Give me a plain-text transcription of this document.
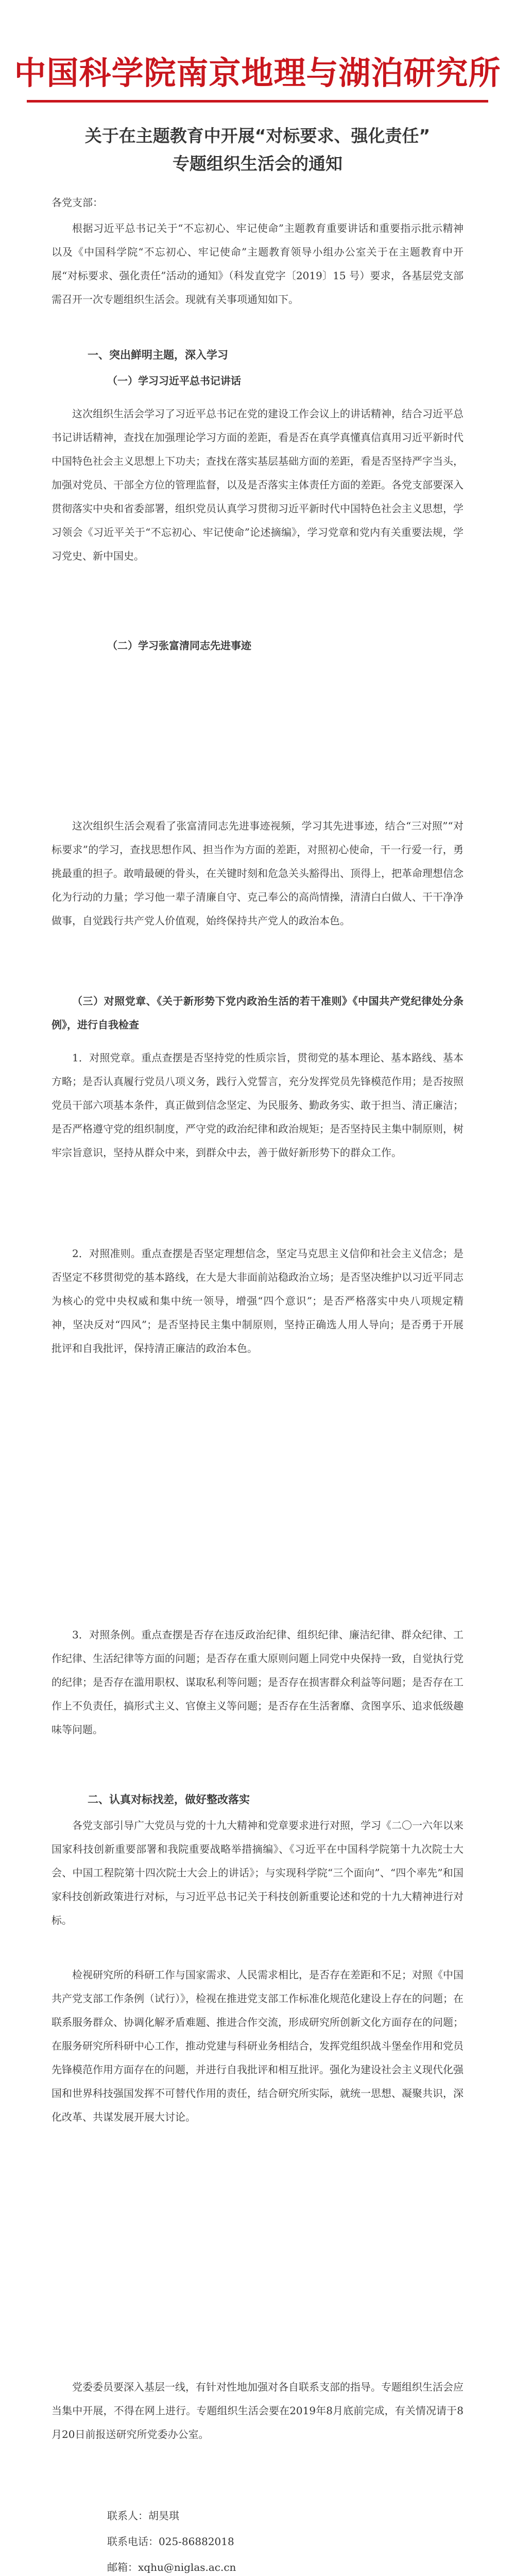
中国科学院南京地理与湖泊研究所
关于在主题教育中开展“对标要求、强化责任”
专题组织生活会的通知
各党支部：
根据习近平总书记关于“不忘初心、牢记使命”主题教育重要讲话和重要指示批示精神以及《中国科学院“不忘初心、牢记使命”主题教育领导小组办公室关于在主题教育中开展“对标要求、强化责任”活动的通知》（科发直党字〔2019〕15 号）要求，各基层党支部需召开一次专题组织生活会。现就有关事项通知如下。
一、突出鲜明主题，深入学习
（一）学习习近平总书记讲话
这次组织生活会学习了习近平总书记在党的建设工作会议上的讲话精神，结合习近平总书记讲话精神，查找在加强理论学习方面的差距，看是否在真学真懂真信真用习近平新时代中国特色社会主义思想上下功夫；查找在落实基层基础方面的差距，看是否坚持严字当头，加强对党员、干部全方位的管理监督，以及是否落实主体责任方面的差距。各党支部要深入贯彻落实中央和省委部署，组织党员认真学习贯彻习近平新时代中国特色社会主义思想，学习领会《习近平关于“不忘初心、牢记使命”论述摘编》，学习党章和党内有关重要法规，学习党史、新中国史。
（二）学习张富清同志先进事迹
这次组织生活会观看了张富清同志先进事迹视频，学习其先进事迹，结合“三对照”“对标要求”的学习，查找思想作风、担当作为方面的差距，对照初心使命，干一行爱一行，勇挑最重的担子。敢啃最硬的骨头，在关键时刻和危急关头豁得出、顶得上，把革命理想信念化为行动的力量；学习他一辈子清廉自守、克己奉公的高尚情操，清清白白做人、干干净净做事，自觉践行共产党人价值观，始终保持共产党人的政治本色。
（三）对照党章、《关于新形势下党内政治生活的若干准则》《中国共产党纪律处分条例》，进行自我检查
1．对照党章。重点查摆是否坚持党的性质宗旨，贯彻党的基本理论、基本路线、基本方略；是否认真履行党员八项义务，践行入党誓言，充分发挥党员先锋模范作用；是否按照党员干部六项基本条件，真正做到信念坚定、为民服务、勤政务实、敢于担当、清正廉洁；是否严格遵守党的组织制度，严守党的政治纪律和政治规矩；是否坚持民主集中制原则，树牢宗旨意识，坚持从群众中来，到群众中去，善于做好新形势下的群众工作。
2．对照准则。重点查摆是否坚定理想信念，坚定马克思主义信仰和社会主义信念；是否坚定不移贯彻党的基本路线，在大是大非面前站稳政治立场；是否坚决维护以习近平同志为核心的党中央权威和集中统一领导，增强“四个意识”；是否严格落实中央八项规定精神，坚决反对“四风”；是否坚持民主集中制原则，坚持正确选人用人导向；是否勇于开展批评和自我批评，保持清正廉洁的政治本色。
3．对照条例。重点查摆是否存在违反政治纪律、组织纪律、廉洁纪律、群众纪律、工作纪律、生活纪律等方面的问题；是否存在重大原则问题上同党中央保持一致，自觉执行党的纪律；是否存在滥用职权、谋取私利等问题；是否存在损害群众利益等问题；是否存在工作上不负责任，搞形式主义、官僚主义等问题；是否存在生活奢靡、贪图享乐、追求低级趣味等问题。
二、认真对标找差，做好整改落实
各党支部引导广大党员与党的十九大精神和党章要求进行对照，学习《二〇一六年以来国家科技创新重要部署和我院重要战略举措摘编》、《习近平在中国科学院第十九次院士大会、中国工程院第十四次院士大会上的讲话》；与实现科学院“三个面向”、“四个率先”和国家科技创新政策进行对标，与习近平总书记关于科技创新重要论述和党的十九大精神进行对标。
检视研究所的科研工作与国家需求、人民需求相比，是否存在差距和不足；对照《中国共产党支部工作条例（试行）》，检视在推进党支部工作标准化规范化建设上存在的问题；在联系服务群众、协调化解矛盾难题、推进合作交流，形成研究所创新文化方面存在的问题；在服务研究所科研中心工作，推动党建与科研业务相结合，发挥党组织战斗堡垒作用和党员先锋模范作用方面存在的问题，并进行自我批评和相互批评。强化为建设社会主义现代化强国和世界科技强国发挥不可替代作用的责任，结合研究所实际，就统一思想、凝聚共识，深化改革、共谋发展开展大讨论。
党委委员要深入基层一线，有针对性地加强对各自联系支部的指导。专题组织生活会应当集中开展，不得在网上进行。专题组织生活会要在2019年8月底前完成，有关情况请于8月20日前报送研究所党委办公室。
联系人：胡昊琪
联系电话：025-86882018
邮箱：xqhu@niglas.ac.cn
